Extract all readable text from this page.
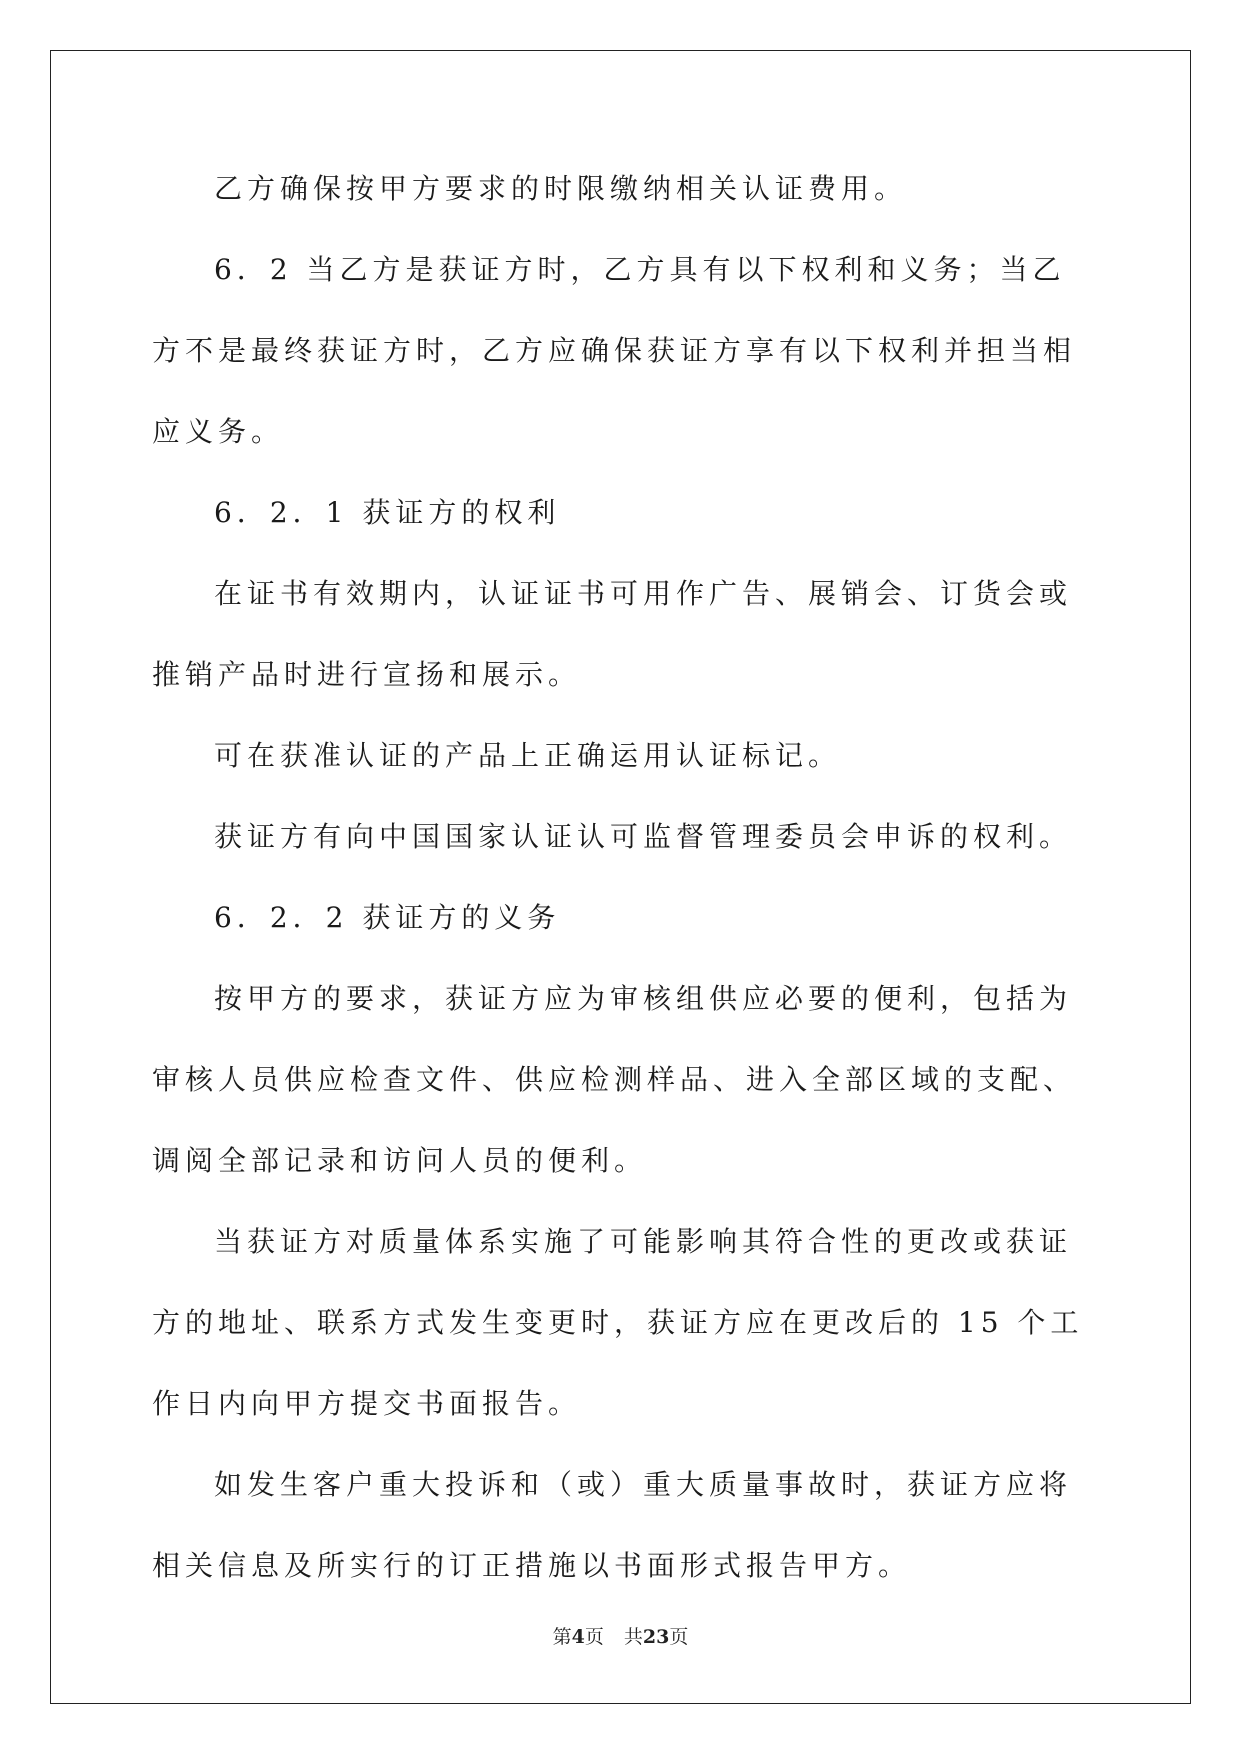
乙方确保按甲方要求的时限缴纳相关认证费用。

6．2 当乙方是获证方时，乙方具有以下权利和义务；当乙方不是最终获证方时，乙方应确保获证方享有以下权利并担当相应义务。

6．2．1 获证方的权利

在证书有效期内，认证证书可用作广告、展销会、订货会或推销产品时进行宣扬和展示。

可在获准认证的产品上正确运用认证标记。

获证方有向中国国家认证认可监督管理委员会申诉的权利。

6．2．2 获证方的义务

按甲方的要求，获证方应为审核组供应必要的便利，包括为审核人员供应检查文件、供应检测样品、进入全部区域的支配、调阅全部记录和访问人员的便利。

当获证方对质量体系实施了可能影响其符合性的更改或获证方的地址、联系方式发生变更时，获证方应在更改后的 15 个工作日内向甲方提交书面报告。

如发生客户重大投诉和（或）重大质量事故时，获证方应将相关信息及所实行的订正措施以书面形式报告甲方。

第4页 共23页
